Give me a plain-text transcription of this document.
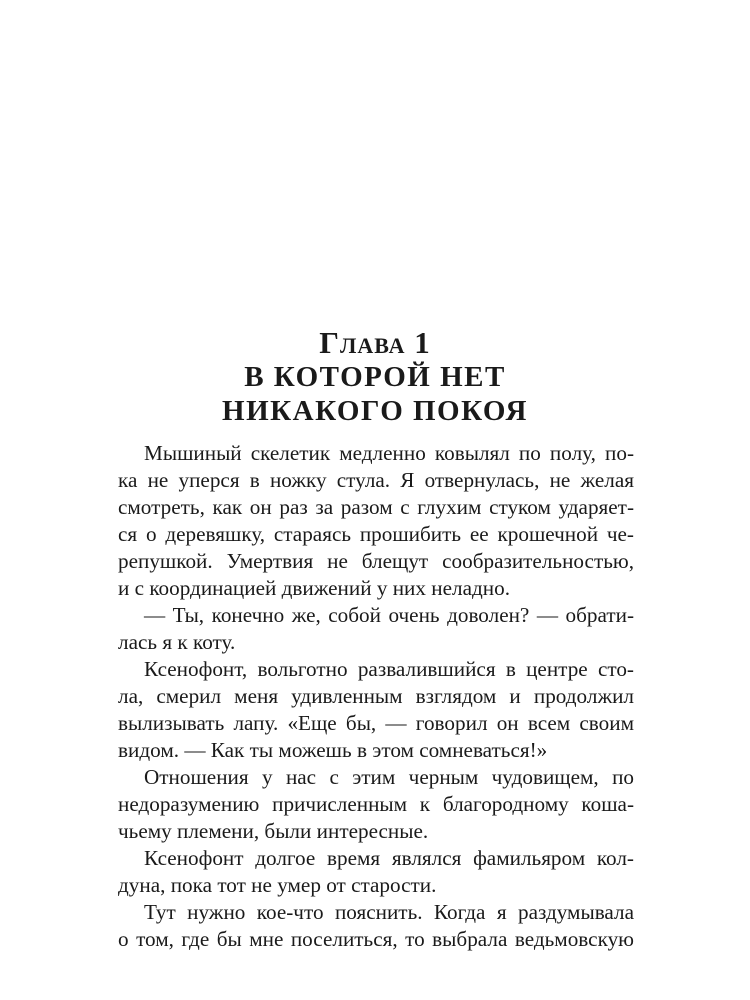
Глава 1

В КОТОРОЙ НЕТ

НИКАКОГО ПОКОЯ

Мышиный скелетик медленно ковылял по полу, по-
ка не уперся в ножку стула. Я отвернулась, не желая
смотреть, как он раз за разом с глухим стуком ударяет-
ся о деревяшку, стараясь прошибить ее крошечной че-
репушкой. Умертвия не блещут сообразительностью,
и с координацией движений у них неладно.
— Ты, конечно же, собой очень доволен? — обрати-
лась я к коту.
Ксенофонт, вольготно развалившийся в центре сто-
ла, смерил меня удивленным взглядом и продолжил
вылизывать лапу. «Еще бы, — говорил он всем своим
видом. — Как ты можешь в этом сомневаться!»
Отношения у нас с этим черным чудовищем, по
недоразумению причисленным к благородному коша-
чьему племени, были интересные.
Ксенофонт долгое время являлся фамильяром кол-
дуна, пока тот не умер от старости.
Тут нужно кое-что пояснить. Когда я раздумывала
о том, где бы мне поселиться, то выбрала ведьмовскую
